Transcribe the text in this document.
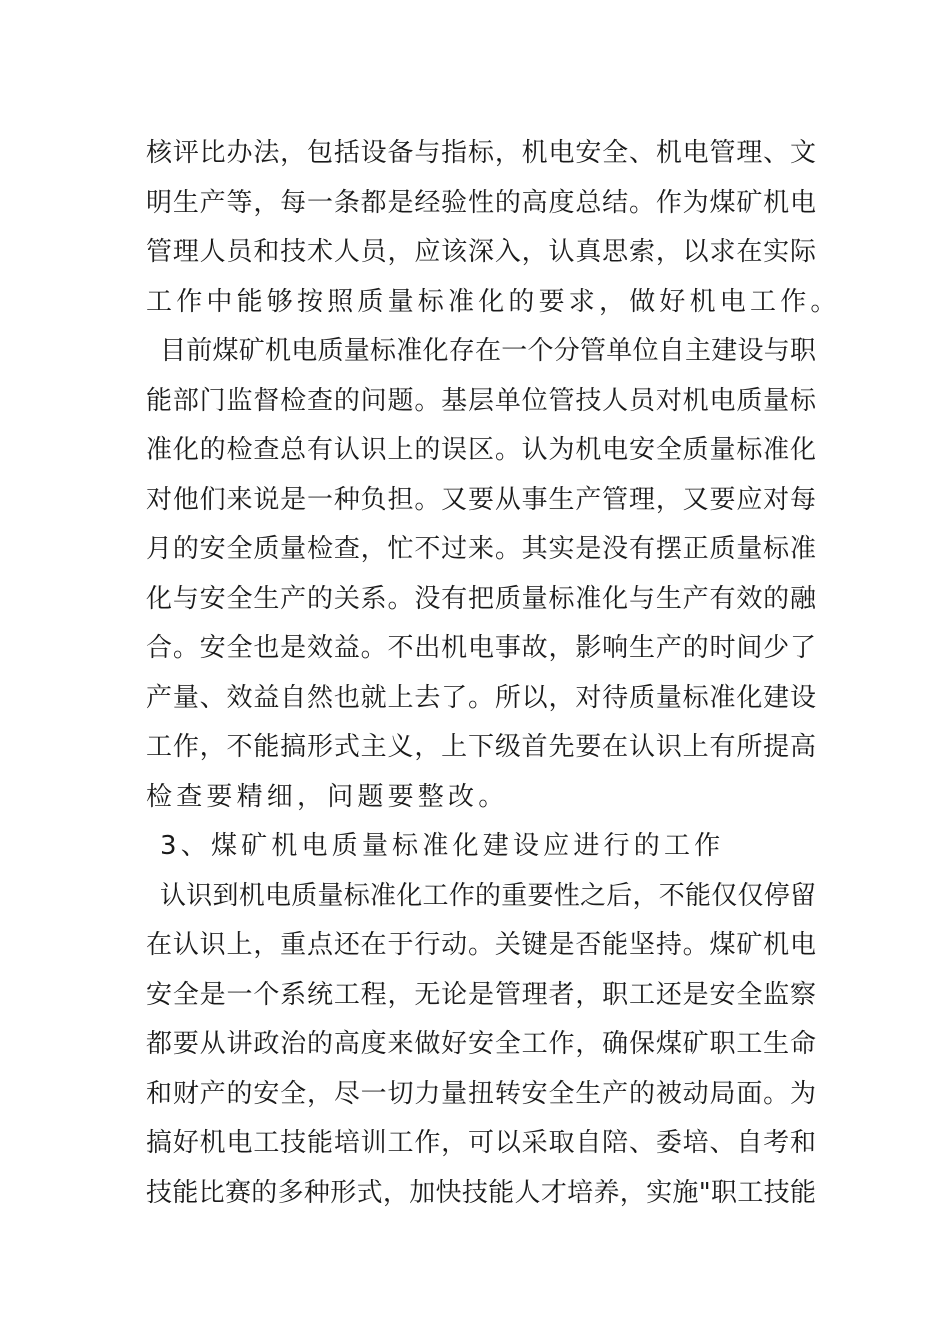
核评比办法，包括设备与指标，机电安全、机电管理、文
明生产等，每一条都是经验性的高度总结。作为煤矿机电
管理人员和技术人员，应该深入，认真思索，以求在实际
工作中能够按照质量标准化的要求，做好机电工作。
目前煤矿机电质量标准化存在一个分管单位自主建设与职
能部门监督检查的问题。基层单位管技人员对机电质量标
准化的检查总有认识上的误区。认为机电安全质量标准化
对他们来说是一种负担。又要从事生产管理，又要应对每
月的安全质量检查，忙不过来。其实是没有摆正质量标准
化与安全生产的关系。没有把质量标准化与生产有效的融
合。安全也是效益。不出机电事故，影响生产的时间少了
产量、效益自然也就上去了。所以，对待质量标准化建设
工作，不能搞形式主义，上下级首先要在认识上有所提高
检查要精细，问题要整改。
3、煤矿机电质量标准化建设应进行的工作
认识到机电质量标准化工作的重要性之后，不能仅仅停留
在认识上，重点还在于行动。关键是否能坚持。煤矿机电
安全是一个系统工程，无论是管理者，职工还是安全监察
都要从讲政治的高度来做好安全工作，确保煤矿职工生命
和财产的安全，尽一切力量扭转安全生产的被动局面。为
搞好机电工技能培训工作，可以采取自陪、委培、自考和
技能比赛的多种形式，加快技能人才培养，实施"职工技能
